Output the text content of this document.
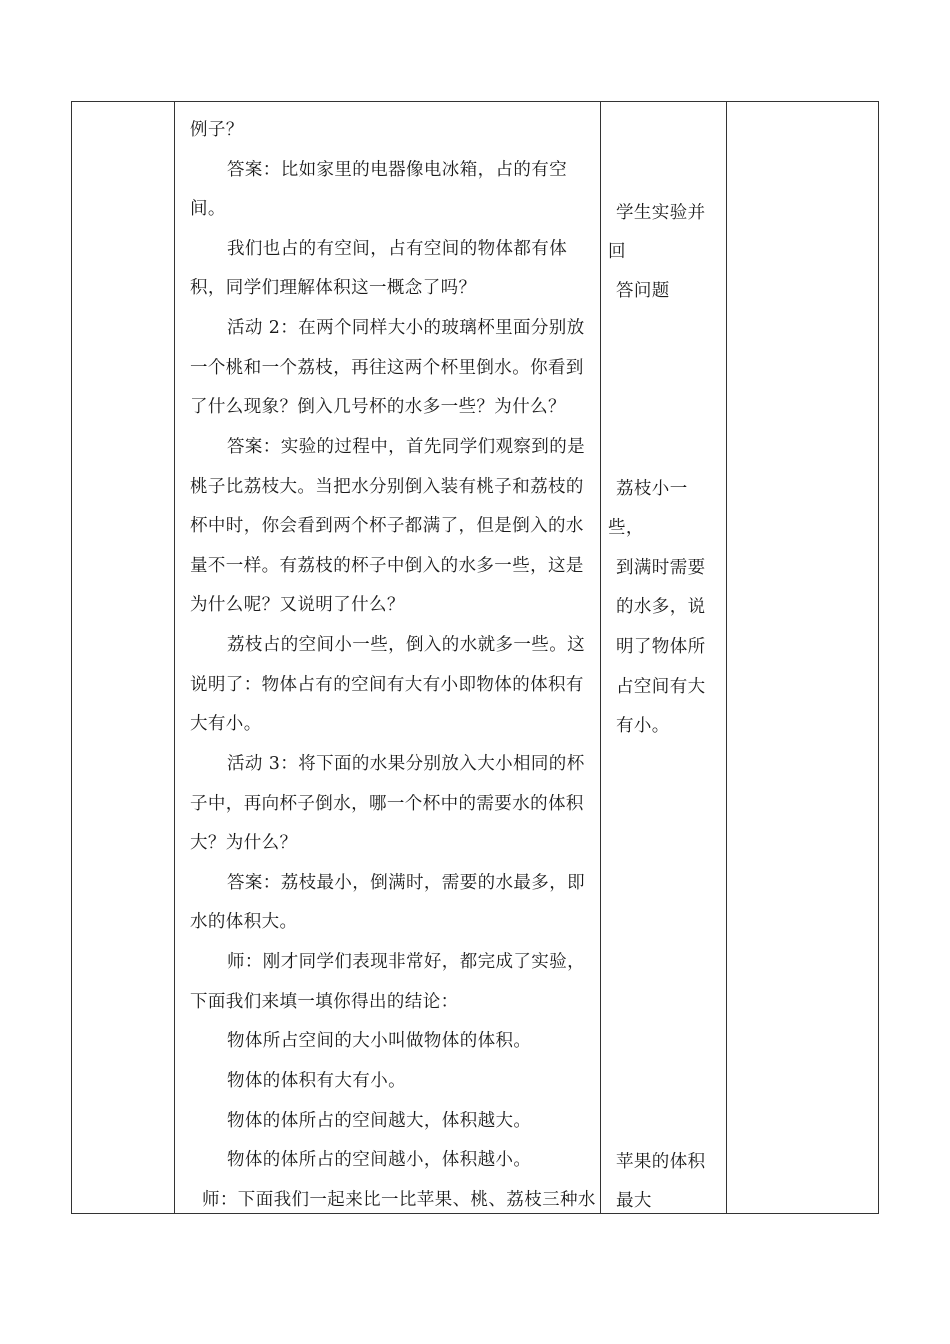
例子？
答案：比如家里的电器像电冰箱，占的有空
间。
我们也占的有空间，占有空间的物体都有体
积，同学们理解体积这一概念了吗？
活动 2：在两个同样大小的玻璃杯里面分别放
一个桃和一个荔枝，再往这两个杯里倒水。你看到
了什么现象？倒入几号杯的水多一些？为什么？
答案：实验的过程中，首先同学们观察到的是
桃子比荔枝大。当把水分别倒入装有桃子和荔枝的
杯中时，你会看到两个杯子都满了，但是倒入的水
量不一样。有荔枝的杯子中倒入的水多一些，这是
为什么呢？又说明了什么？
荔枝占的空间小一些，倒入的水就多一些。这
说明了：物体占有的空间有大有小即物体的体积有
大有小。
活动 3：将下面的水果分别放入大小相同的杯
子中，再向杯子倒水，哪一个杯中的需要水的体积
大？为什么？
答案：荔枝最小，倒满时，需要的水最多，即
水的体积大。
师：刚才同学们表现非常好，都完成了实验，
下面我们来填一填你得出的结论：
物体所占空间的大小叫做物体的体积。
物体的体积有大有小。
物体的体所占的空间越大，体积越大。
物体的体所占的空间越小，体积越小。
师：下面我们一起来比一比苹果、桃、荔枝三种水
学生实验并
回
答问题
荔枝小一
些，
到满时需要
的水多，说
明了物体所
占空间有大
有小。
苹果的体积
最大
